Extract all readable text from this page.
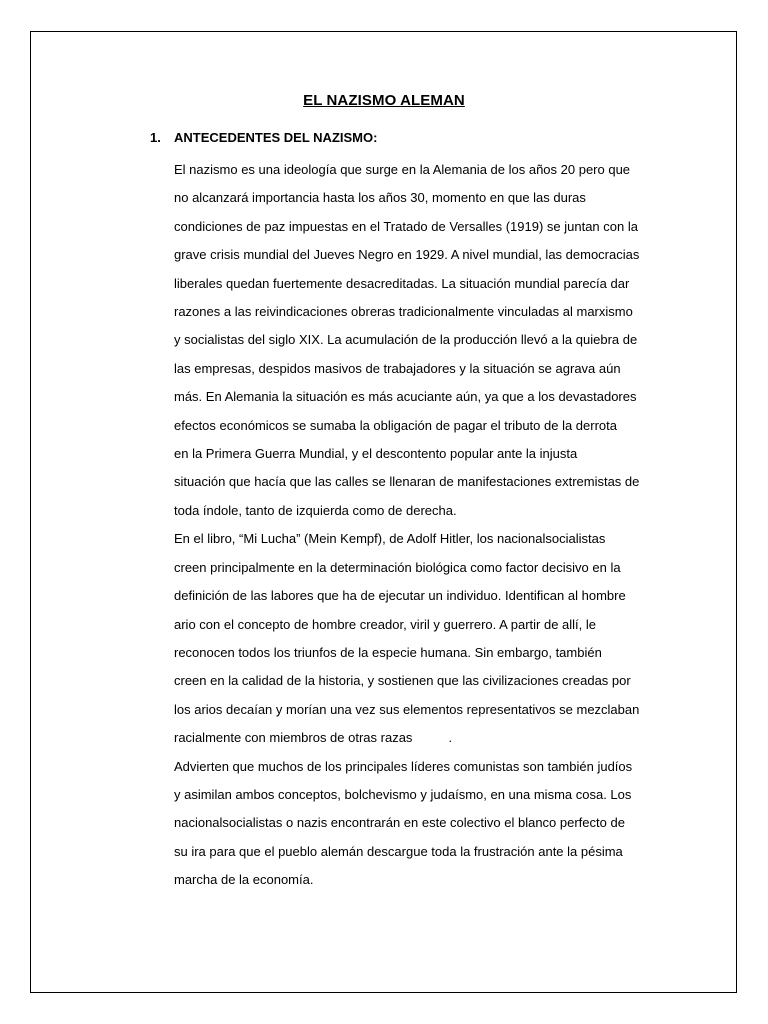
EL NAZISMO ALEMAN
1.	ANTECEDENTES DEL NAZISMO:
El nazismo es una ideología que surge en la Alemania de los años 20 pero que
no alcanzará importancia hasta los años 30, momento en que las duras
condiciones de paz impuestas en el Tratado de Versalles (1919) se juntan con la
grave crisis mundial del Jueves Negro en 1929. A nivel mundial, las democracias
liberales quedan fuertemente desacreditadas. La situación mundial parecía dar
razones a las reivindicaciones obreras tradicionalmente vinculadas al marxismo
y socialistas del siglo XIX. La acumulación de la producción llevó a la quiebra de
las empresas, despidos masivos de trabajadores y la situación se agrava aún
más. En Alemania la situación es más acuciante aún, ya que a los devastadores
efectos económicos se sumaba la obligación de pagar el tributo de la derrota
en la Primera Guerra Mundial, y el descontento popular ante la injusta
situación que hacía que las calles se llenaran de manifestaciones extremistas de
toda índole, tanto de izquierda como de derecha.
En el libro, “Mi Lucha” (Mein Kempf), de Adolf Hitler, los nacionalsocialistas
creen principalmente en la determinación biológica como factor decisivo en la
definición de las labores que ha de ejecutar un individuo. Identifican al hombre
ario con el concepto de hombre creador, viril y guerrero. A partir de allí, le
reconocen todos los triunfos de la especie humana. Sin embargo, también
creen en la calidad de la historia, y sostienen que las civilizaciones creadas por
los arios decaían y morían una vez sus elementos representativos se mezclaban
racialmente con miembros de otras razas          .
Advierten que muchos de los principales líderes comunistas son también judíos
y asimilan ambos conceptos, bolchevismo y judaísmo, en una misma cosa. Los
nacionalsocialistas o nazis encontrarán en este colectivo el blanco perfecto de
su ira para que el pueblo alemán descargue toda la frustración ante la pésima
marcha de la economía.
